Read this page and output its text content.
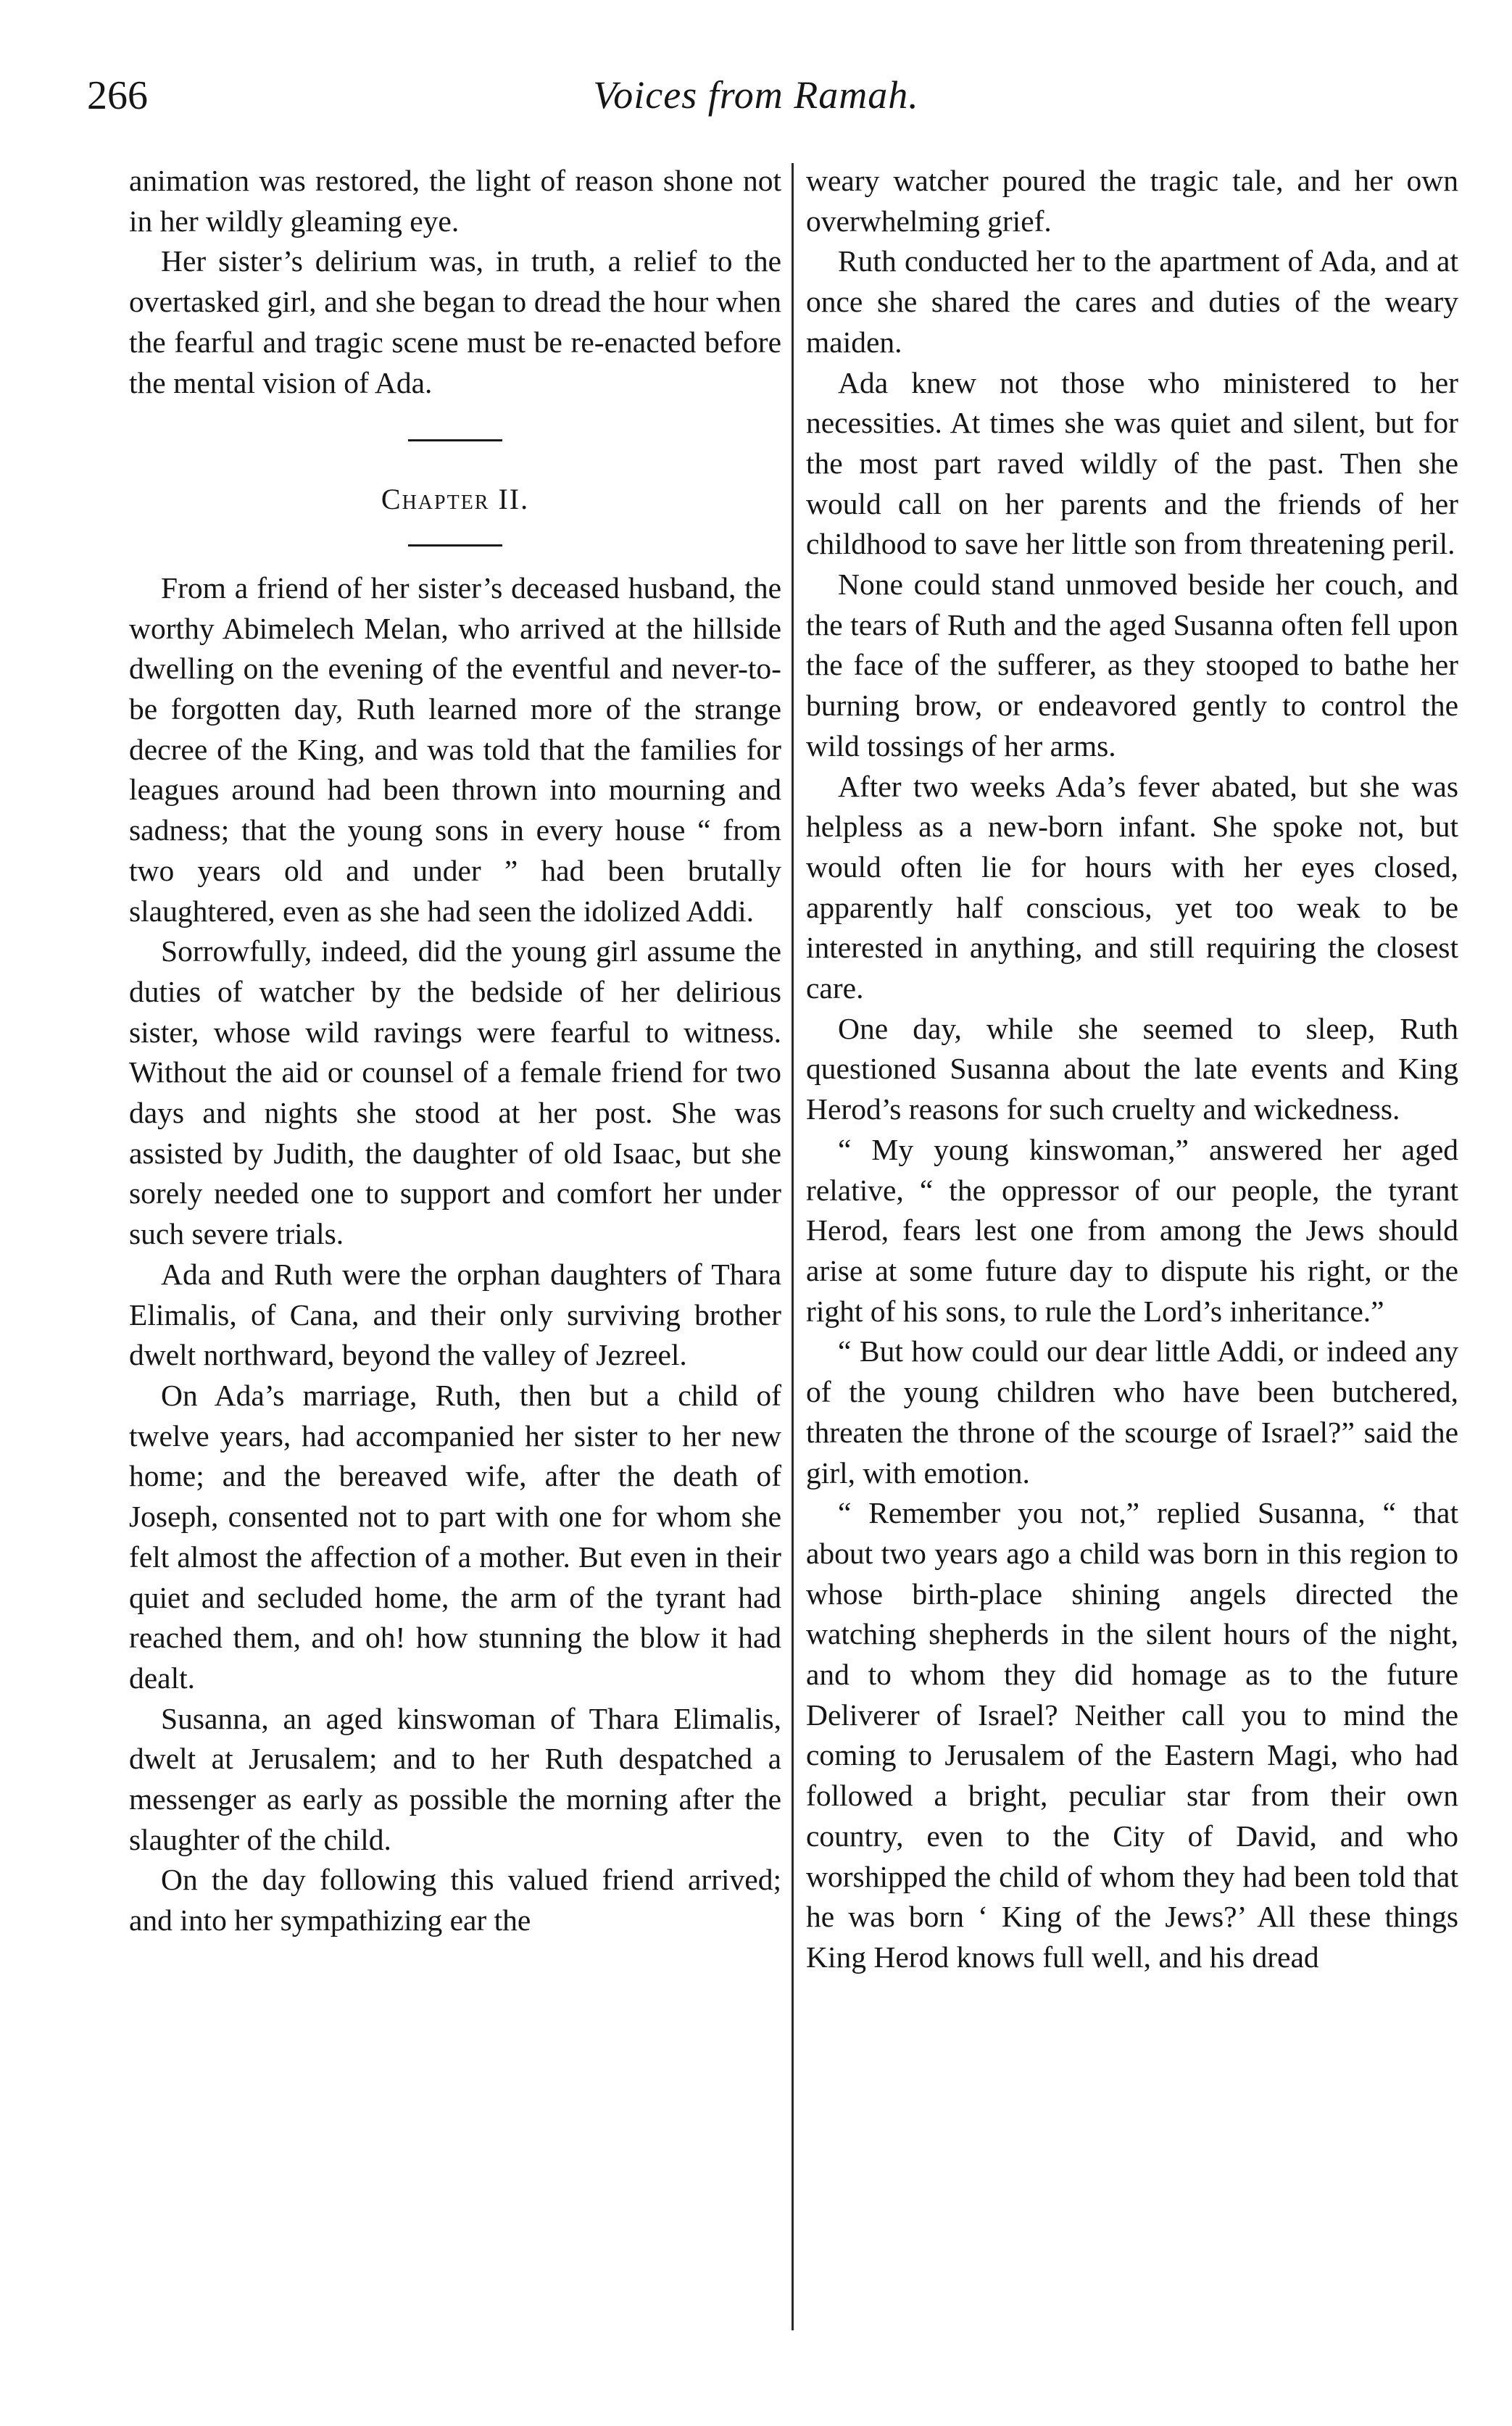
266	Voices from Ramah.

animation was restored, the light of reason shone not in her wildly gleaming eye.

Her sister’s delirium was, in truth, a relief to the overtasked girl, and she began to dread the hour when the fearful and tragic scene must be re-enacted before the mental vision of Ada.

Chapter II.

From a friend of her sister’s deceased husband, the worthy Abimelech Melan, who arrived at the hillside dwelling on the evening of the eventful and never-to-be forgotten day, Ruth learned more of the strange decree of the King, and was told that the families for leagues around had been thrown into mourning and sadness; that the young sons in every house “ from two years old and under ” had been brutally slaughtered, even as she had seen the idolized Addi.

Sorrowfully, indeed, did the young girl assume the duties of watcher by the bedside of her delirious sister, whose wild ravings were fearful to witness. Without the aid or counsel of a female friend for two days and nights she stood at her post. She was assisted by Judith, the daughter of old Isaac, but she sorely needed one to support and comfort her under such severe trials.

Ada and Ruth were the orphan daughters of Thara Elimalis, of Cana, and their only surviving brother dwelt northward, beyond the valley of Jezreel.

On Ada’s marriage, Ruth, then but a child of twelve years, had accompanied her sister to her new home; and the bereaved wife, after the death of Joseph, consented not to part with one for whom she felt almost the affection of a mother. But even in their quiet and secluded home, the arm of the tyrant had reached them, and oh! how stunning the blow it had dealt.

Susanna, an aged kinswoman of Thara Elimalis, dwelt at Jerusalem; and to her Ruth despatched a messenger as early as possible the morning after the slaughter of the child.

On the day following this valued friend arrived; and into her sympathizing ear the

weary watcher poured the tragic tale, and her own overwhelming grief.

Ruth conducted her to the apartment of Ada, and at once she shared the cares and duties of the weary maiden.

Ada knew not those who ministered to her necessities. At times she was quiet and silent, but for the most part raved wildly of the past. Then she would call on her parents and the friends of her childhood to save her little son from threatening peril.

None could stand unmoved beside her couch, and the tears of Ruth and the aged Susanna often fell upon the face of the sufferer, as they stooped to bathe her burning brow, or endeavored gently to control the wild tossings of her arms.

After two weeks Ada’s fever abated, but she was helpless as a new-born infant. She spoke not, but would often lie for hours with her eyes closed, apparently half conscious, yet too weak to be interested in anything, and still requiring the closest care.

One day, while she seemed to sleep, Ruth questioned Susanna about the late events and King Herod’s reasons for such cruelty and wickedness.

“ My young kinswoman,” answered her aged relative, “ the oppressor of our people, the tyrant Herod, fears lest one from among the Jews should arise at some future day to dispute his right, or the right of his sons, to rule the Lord’s inheritance.”

“ But how could our dear little Addi, or indeed any of the young children who have been butchered, threaten the throne of the scourge of Israel?” said the girl, with emotion.

“ Remember you not,” replied Susanna, “ that about two years ago a child was born in this region to whose birth-place shining angels directed the watching shepherds in the silent hours of the night, and to whom they did homage as to the future Deliverer of Israel? Neither call you to mind the coming to Jerusalem of the Eastern Magi, who had followed a bright, peculiar star from their own country, even to the City of David, and who worshipped the child of whom they had been told that he was born ‘ King of the Jews?’ All these things King Herod knows full well, and his dread
